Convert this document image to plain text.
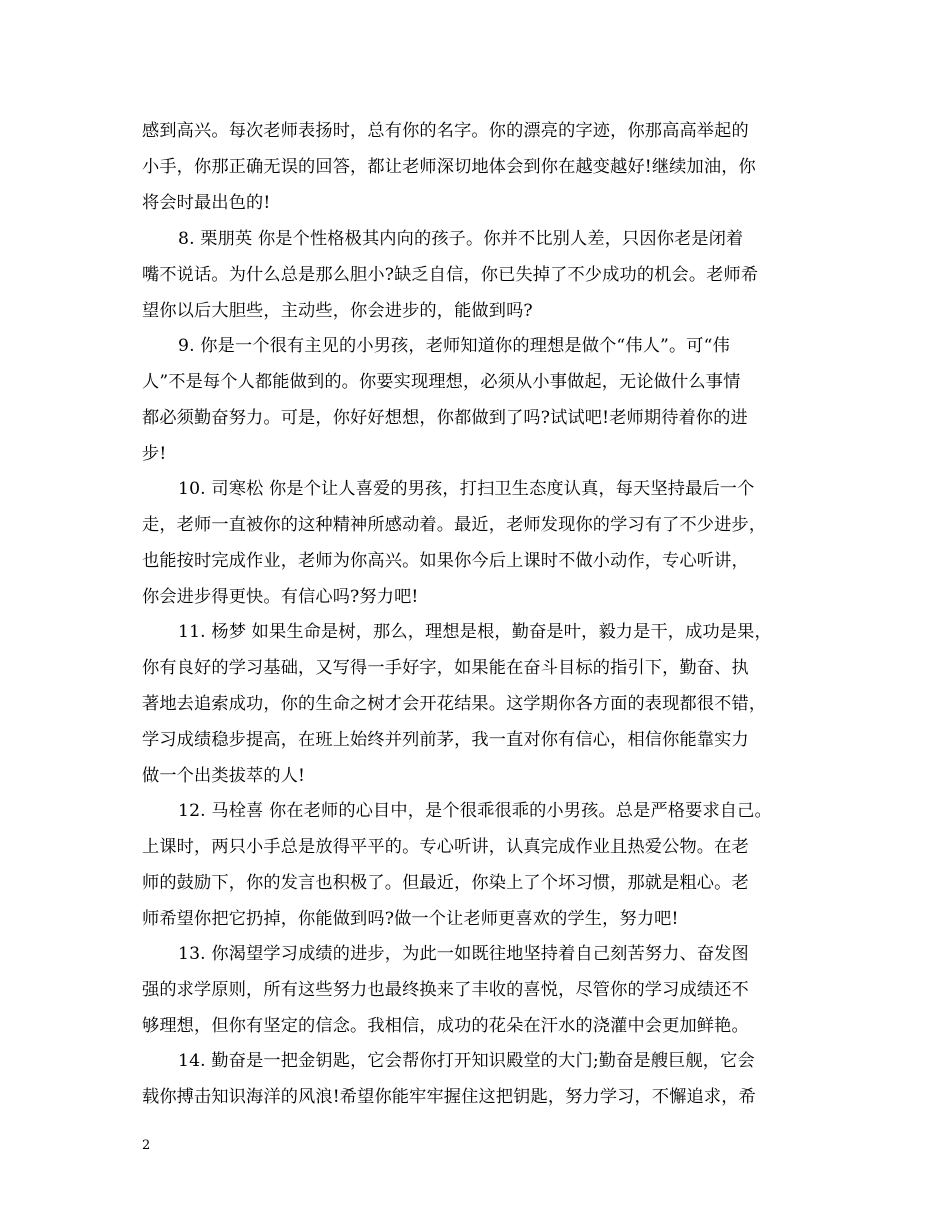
感到高兴。每次老师表扬时，总有你的名字。你的漂亮的字迹，你那高高举起的
小手，你那正确无误的回答，都让老师深切地体会到你在越变越好!继续加油，你
将会时最出色的!
8. 栗朋英 你是个性格极其内向的孩子。你并不比别人差，只因你老是闭着
嘴不说话。为什么总是那么胆小?缺乏自信，你已失掉了不少成功的机会。老师希
望你以后大胆些，主动些，你会进步的，能做到吗?
9. 你是一个很有主见的小男孩，老师知道你的理想是做个“伟人”。可“伟
人”不是每个人都能做到的。你要实现理想，必须从小事做起，无论做什么事情
都必须勤奋努力。可是，你好好想想，你都做到了吗?试试吧!老师期待着你的进
步!
10. 司寒松 你是个让人喜爱的男孩，打扫卫生态度认真，每天坚持最后一个
走，老师一直被你的这种精神所感动着。最近，老师发现你的学习有了不少进步，
也能按时完成作业，老师为你高兴。如果你今后上课时不做小动作，专心听讲，
你会进步得更快。有信心吗?努力吧!
11. 杨梦 如果生命是树，那么，理想是根，勤奋是叶，毅力是干，成功是果，
你有良好的学习基础，又写得一手好字，如果能在奋斗目标的指引下，勤奋、执
著地去追索成功，你的生命之树才会开花结果。这学期你各方面的表现都很不错，
学习成绩稳步提高，在班上始终并列前茅，我一直对你有信心，相信你能靠实力
做一个出类拔萃的人!
12. 马栓喜 你在老师的心目中，是个很乖很乖的小男孩。总是严格要求自己。
上课时，两只小手总是放得平平的。专心听讲，认真完成作业且热爱公物。在老
师的鼓励下，你的发言也积极了。但最近，你染上了个坏习惯，那就是粗心。老
师希望你把它扔掉，你能做到吗?做一个让老师更喜欢的学生，努力吧!
13. 你渴望学习成绩的进步，为此一如既往地坚持着自己刻苦努力、奋发图
强的求学原则，所有这些努力也最终换来了丰收的喜悦，尽管你的学习成绩还不
够理想，但你有坚定的信念。我相信，成功的花朵在汗水的浇灌中会更加鲜艳。
14. 勤奋是一把金钥匙，它会帮你打开知识殿堂的大门;勤奋是艘巨舰，它会
载你搏击知识海洋的风浪!希望你能牢牢握住这把钥匙，努力学习，不懈追求，希
2
